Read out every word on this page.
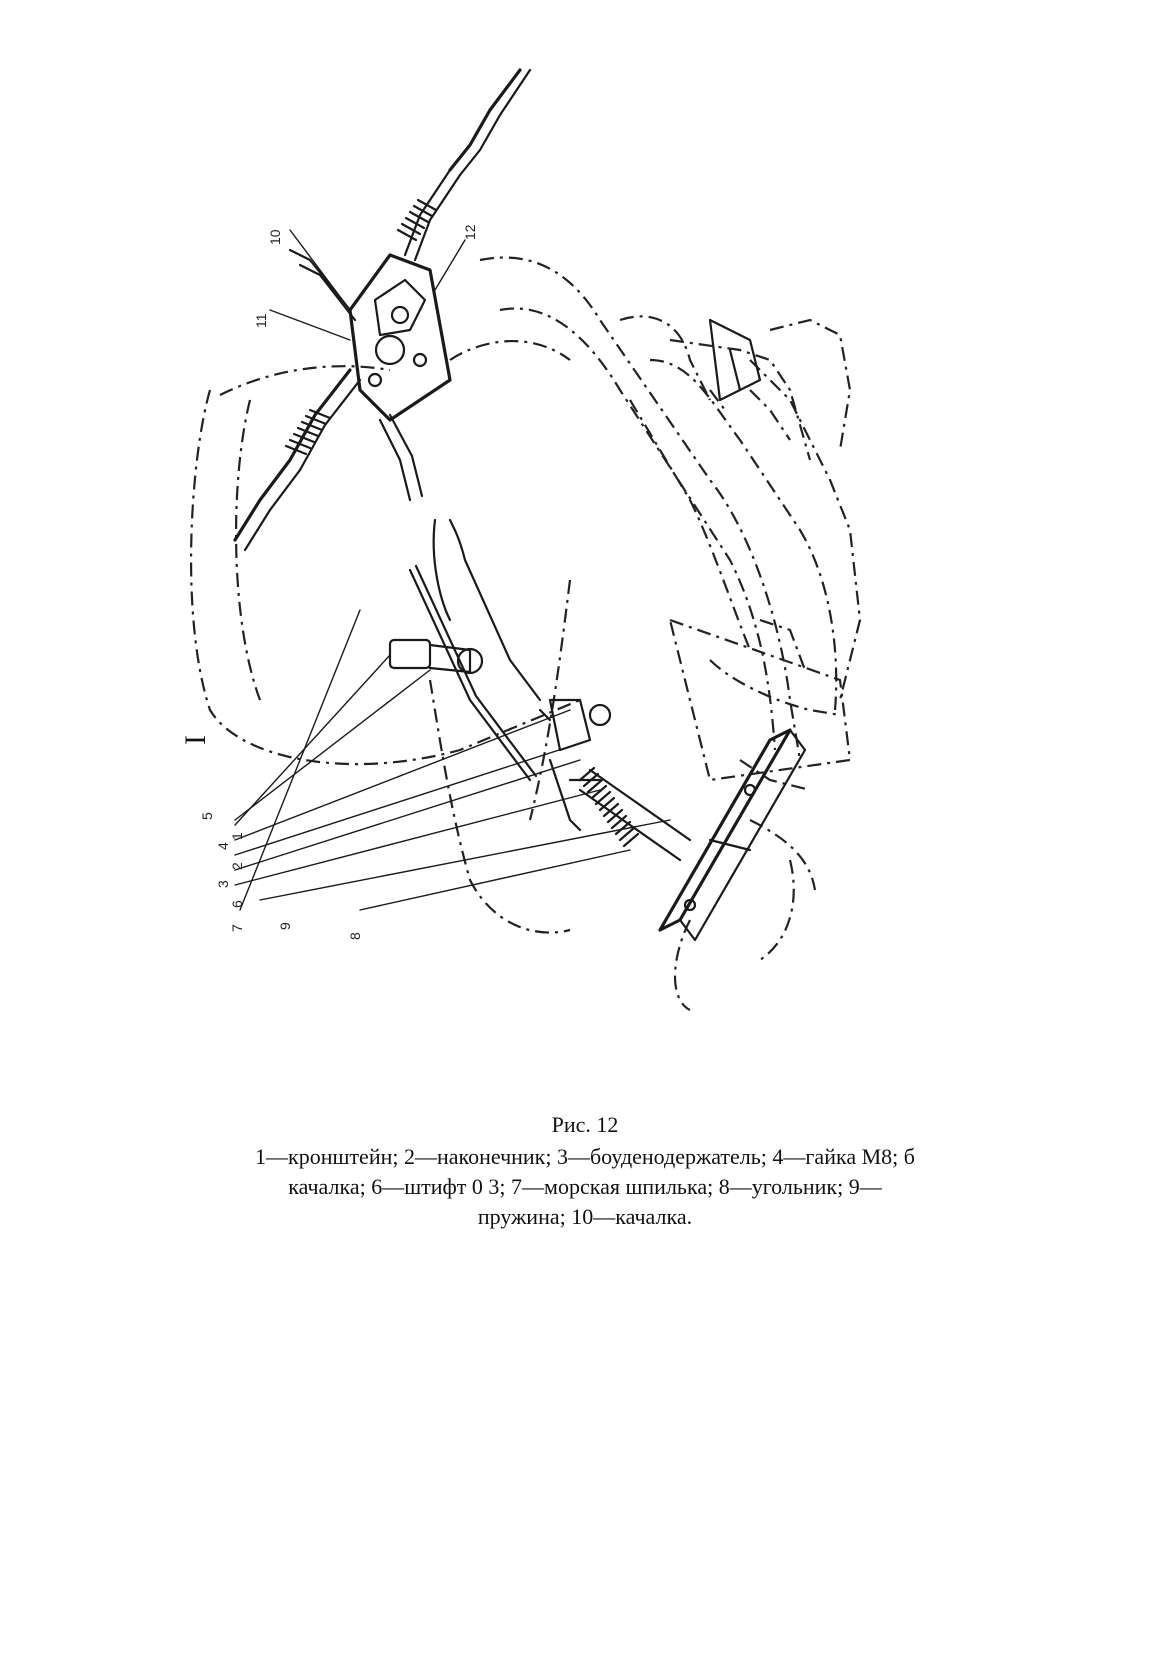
5
4
1
2
3
6
7 9
8
10
11
12
I
Рис. 12
1—кронштейн; 2—наконечник; 3—боуденодержатель; 4—гайка М8; б
качалка; 6—штифт 0 3; 7—морская шпилька; 8—угольник; 9—
пружина; 10—качалка.
